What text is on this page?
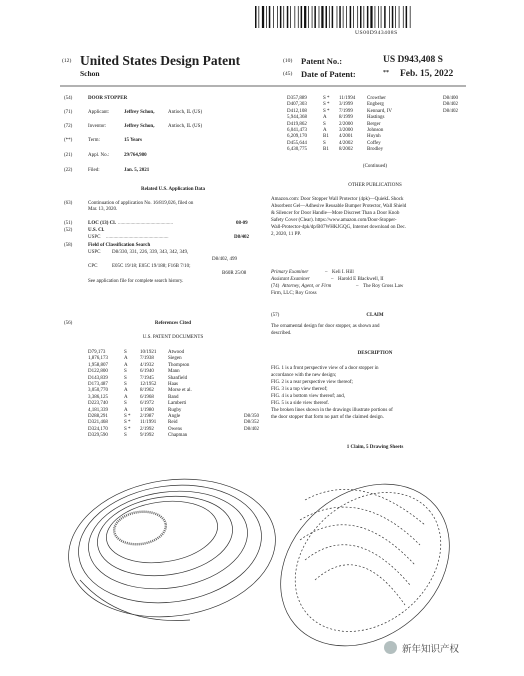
US00D943408S
(12) United States Design Patent
Schon
(10) Patent No.:	US D943,408 S
(45) Date of Patent:	** Feb. 15, 2022
(54)	DOOR STOPPER
(71)	Applicant:	Jeffrey Schon,	Antioch, IL (US)
(72)	Inventor:	Jeffrey Schon,	Antioch, IL (US)
(**)	Term:	15 Years
(21)	Appl. No.:	29/764,980
(22)	Filed:	Jan. 5, 2021
Related U.S. Application Data
(63)	Continuation of application No. 16/819,026, filed on
Mar. 13, 2020.
(51)	LOC (13) Cl. ............................................	08-09
(52)	U.S. Cl.
USPC ..................................................	D8/402
(58)	Field of Classification Search
USPC D8/330, 331, 226, 339, 343, 342, 349,
D8/402, 499
CPC	E05C 19/18; E05C 19/188; F16B 7/10;
B60R 25/08
See application file for complete search history.
(56)	References Cited
U.S. PATENT DOCUMENTS
D79,173	S	10/1921 Atwood
1,876,173	A 7/1938	Siegen
1,958,807	A 4/1932	Thompson
D122,800	S	6/1940	Mann
D143,839	S	7/1945	Shanfield
D173,487	S	12/1952 Haas
3,050,770	A 8/1962	Morse et al.
3,386,125	A 6/1968	Band
D223,740	S	6/1972	Lamberti
4,181,339	A 1/1980	Rugby
D288,291	S * 2/1987	Angle	D8/350
D321,468	S * 11/1991 Reid	D8/352
D324,170	S * 2/1992	Owens	D8/402
D329,590	S	9/1992	Chapman
D357,889	S * 11/1994 Crowther	D8/400
D407,303	S * 3/1999	Engberg	D8/402
D412,108	S * 7/1999	Kennard, IV	D8/402
5,944,368	A 8/1999	Hastings
D419,862	S	2/2000	Berger
6,041,473	A 3/2000	Johnson
6,209,170	B1 4/2001	Huynh
D455,644	S	4/2002	Coffey
6,430,775	B1 8/2002	Brodley
(Continued)
OTHER PUBLICATIONS
Amazon.com: Door Stopper Wall Protector (4pk)—QuiekL Shock
Absorbent Gel—Adhesive Reusable Bumper Protector, Wall Shield
& Silencer for Door Handle—More Discreet Than a Door Knob
Safety Cover (Clear). https://www.amazon.com/Door-Stopper-
Wall-Protector-4pk/dp/B07WHKJGQG, Internet download on Dec.
2, 2020, 11 PP.
Primary Examiner	– Keli I. Hill
Assistant Examiner	– Harold E Blackwell, II
(74) Attorney, Agent, or Firm	– The Roy Gross Law
Firm, LLC; Roy Gross
(57)	CLAIM
The ornamental design for door stopper, as shown and
described.
DESCRIPTION
FIG. 1 is a front perspective view of a door stopper in
accordance with the new design;
FIG. 2 is a rear perspective view thereof;
FIG. 3 is a top view thereof;
FIG. 4 is a bottom view thereof; and,
FIG. 5 is a side view thereof.
The broken lines shown in the drawings illustrate portions of
the door stopper that form no part of the claimed design.
1 Claim, 5 Drawing Sheets
新年知识产权
